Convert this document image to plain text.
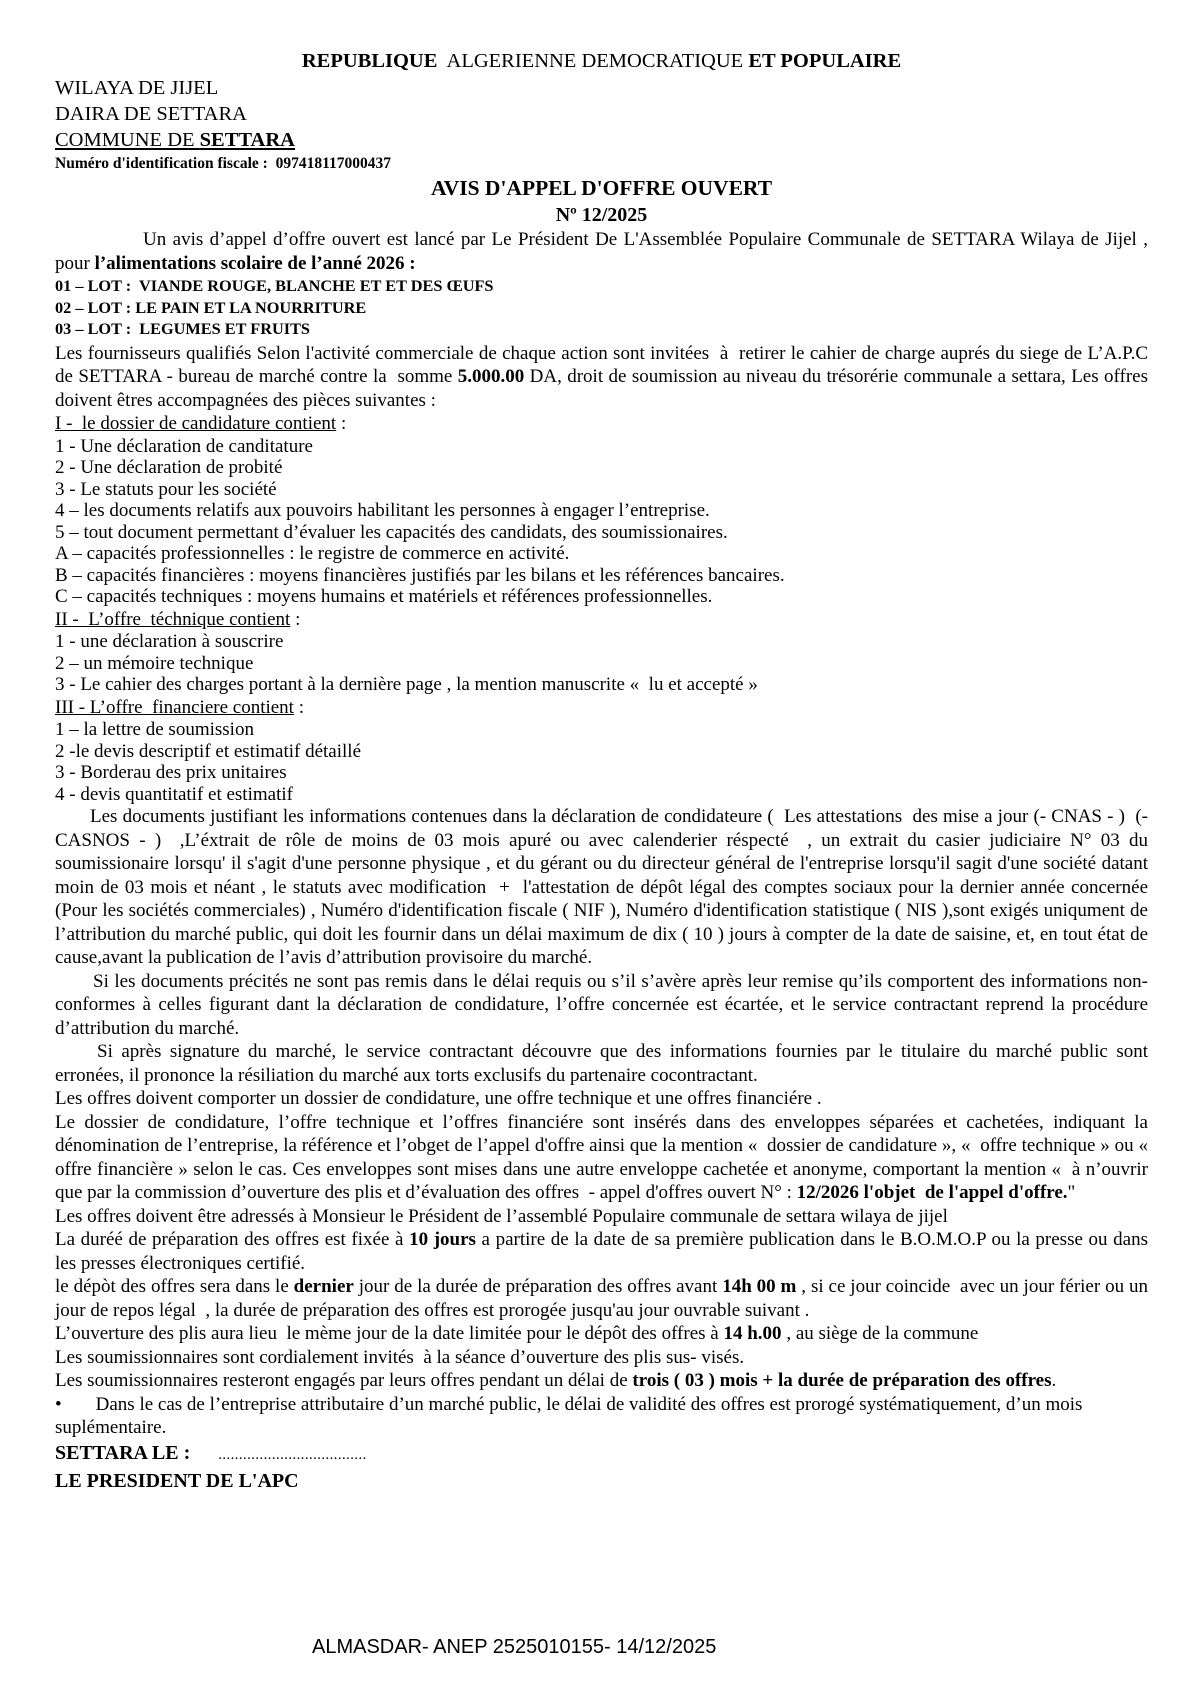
REPUBLIQUE  ALGERIENNE DEMOCRATIQUE ET POPULAIRE

WILAYA DE JIJEL

DAIRA DE SETTARA

COMMUNE DE SETTARA

Numéro d'identification fiscale :  097418117000437

AVIS D'APPEL D'OFFRE OUVERT

Nº 12/2025

Un avis d’appel d’offre ouvert est lancé par Le Président De L'Assemblée Populaire Communale de SETTARA Wilaya de Jijel , pour l’alimentations scolaire de l’anné 2026 :

01 – LOT :  VIANDE ROUGE, BLANCHE ET ET DES ŒUFS

02 – LOT : LE PAIN ET LA NOURRITURE

03 – LOT :  LEGUMES ET FRUITS

Les fournisseurs qualifiés Selon l'activité commerciale de chaque action sont invitées  à  retirer le cahier de charge auprés du siege de L’A.P.C de SETTARA - bureau de marché contre la  somme 5.000.00 DA, droit de soumission au niveau du trésorérie communale a settara, Les offres doivent êtres accompagnées des pièces suivantes :

I -  le dossier de candidature contient :

1 - Une déclaration de canditature

2 - Une déclaration de probité

3 - Le statuts pour les société

4 – les documents relatifs aux pouvoirs habilitant les personnes à engager l’entreprise.

5 – tout document permettant d’évaluer les capacités des candidats, des soumissionaires.

A – capacités professionnelles : le registre de commerce en activité.

B – capacités financières : moyens financières justifiés par les bilans et les références bancaires.

C – capacités techniques : moyens humains et matériels et références professionnelles.

II -  L’offre  téchnique contient :

1 - une déclaration à souscrire

2 – un mémoire technique

3 - Le cahier des charges portant à la dernière page , la mention manuscrite «  lu et accepté »

III - L’offre  financiere contient :

1 – la lettre de soumission

2 -le devis descriptif et estimatif détaillé

3 - Borderau des prix unitaires

4 - devis quantitatif et estimatif

Les documents justifiant les informations contenues dans la déclaration de condidateure (  Les attestations  des mise a jour (- CNAS - )  (-CASNOS - )  ,L’éxtrait de rôle de moins de 03 mois apuré ou avec calenderier réspecté  , un extrait du casier judiciaire N° 03 du soumissionaire lorsqu' il s'agit d'une personne physique , et du gérant ou du directeur général de l'entreprise lorsqu'il sagit d'une société datant moin de 03 mois et néant , le statuts avec modification  +  l'attestation de dépôt légal des comptes sociaux pour la dernier année concernée  (Pour les sociétés commerciales) , Numéro d'identification fiscale ( NIF ), Numéro d'identification statistique ( NIS ),sont exigés uniqument de l’attribution du marché public, qui doit les fournir dans un délai maximum de dix ( 10 ) jours à compter de la date de saisine, et, en tout état de cause,avant la publication de l’avis d’attribution provisoire du marché.

Si les documents précités ne sont pas remis dans le délai requis ou s’il s’avère après leur remise qu’ils comportent des informations non-conformes à celles figurant dant la déclaration de condidature, l’offre concernée est écartée, et le service contractant reprend la procédure d’attribution du marché.

Si après signature du marché, le service contractant découvre que des informations fournies par le titulaire du marché public sont erronées, il prononce la résiliation du marché aux torts exclusifs du partenaire cocontractant.

Les offres doivent comporter un dossier de condidature, une offre technique et une offres financiére .

Le dossier de condidature, l’offre technique et l’offres financiére sont insérés dans des enveloppes séparées et cachetées, indiquant la dénomination de l’entreprise, la référence et l’obget de l’appel d'offre ainsi que la mention «  dossier de candidature », «  offre technique » ou « offre financière » selon le cas. Ces enveloppes sont mises dans une autre enveloppe cachetée et anonyme, comportant la mention «  à n’ouvrir que par la commission d’ouverture des plis et d’évaluation des offres  - appel d'offres ouvert N° : 12/2026 l'objet  de l'appel d'offre."

Les offres doivent être adressés à Monsieur le Président de l’assemblé Populaire communale de settara wilaya de jijel

La duréé de préparation des offres est fixée à 10 jours a partire de la date de sa première publication dans le B.O.M.O.P ou la presse ou dans les presses électroniques certifié.

le dépòt des offres sera dans le dernier jour de la durée de préparation des offres avant 14h 00 m , si ce jour coincide  avec un jour férier ou un jour de repos légal  , la durée de préparation des offres est prorogée jusqu'au jour ouvrable suivant .

L’ouverture des plis aura lieu  le mème jour de la date limitée pour le dépôt des offres à 14 h.00 , au siège de la commune

Les soumissionnaires sont cordialement invités  à la séance d’ouverture des plis sus- visés.

Les soumissionnaires resteront engagés par leurs offres pendant un délai de trois ( 03 ) mois + la durée de préparation des offres.

• Dans le cas de l’entreprise attributaire d’un marché public, le délai de validité des offres est prorogé systématiquement, d’un mois suplémentaire.

SETTARA LE : ....................................

LE PRESIDENT DE L'APC

ALMASDAR- ANEP 2525010155- 14/12/2025
